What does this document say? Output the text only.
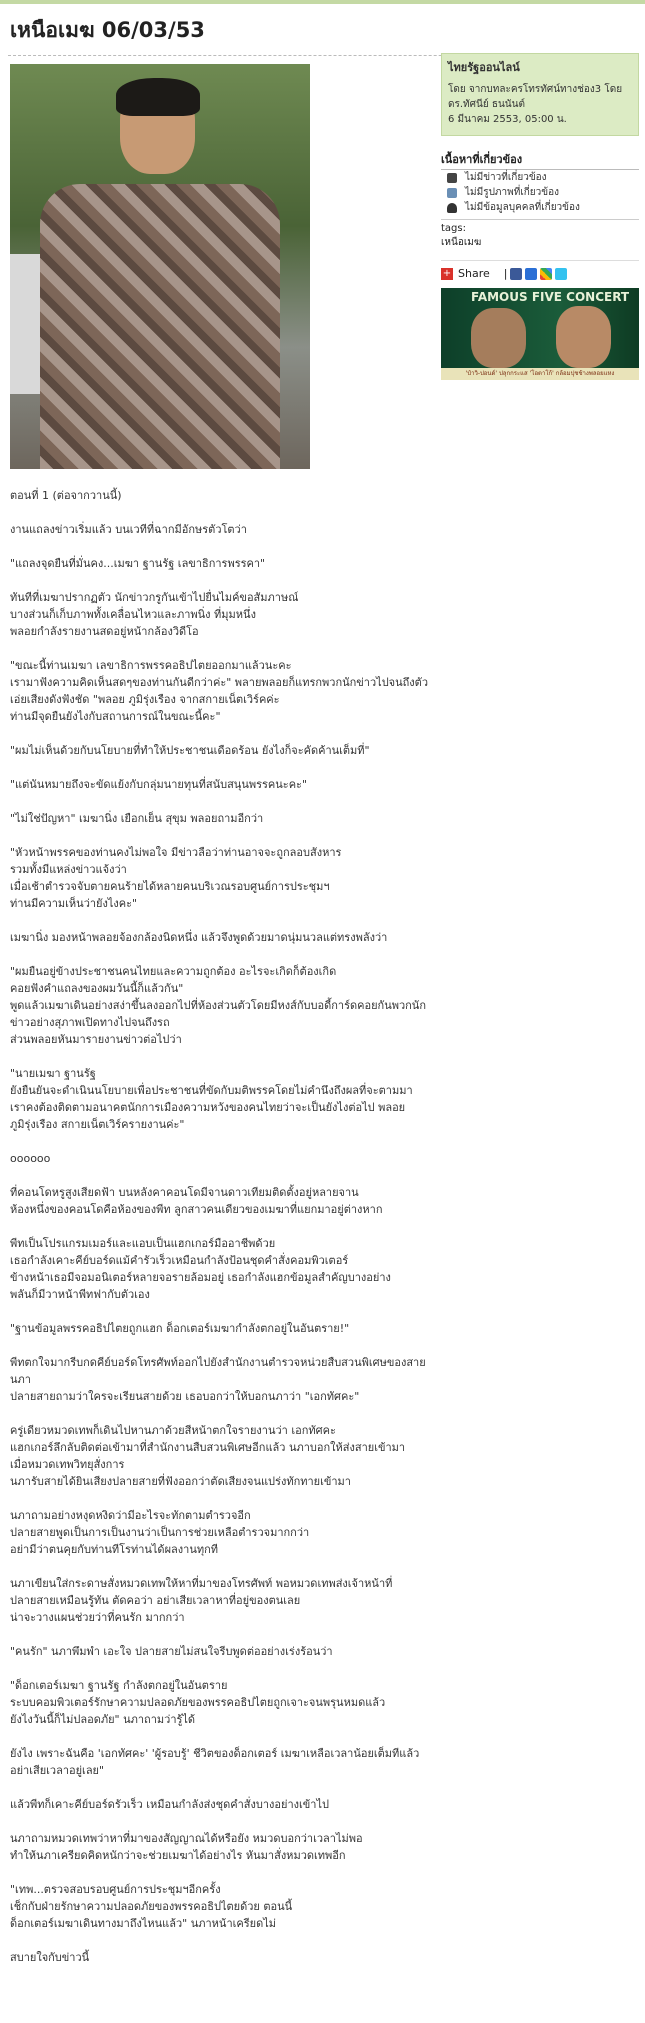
เหนือเมฆ 06/03/53

ตอนที่ 1 (ต่อจากวานนี้)

งานแถลงข่าวเริ่มแล้ว บนเวทีที่ฉากมีอักษรตัวโตว่า

"แถลงจุดยืนที่มั่นคง...เมฆา ฐานรัฐ เลขาธิการพรรคา"

ทันทีที่เมฆาปรากฏตัว นักข่าวกรูกันเข้าไปยื่นไมค์ขอสัมภาษณ์
บางส่วนก็เก็บภาพทั้งเคลื่อนไหวและภาพนิ่ง ที่มุมหนึ่ง
พลอยกำลังรายงานสดอยู่หน้ากล้องวิดีโอ

"ขณะนี้ท่านเมฆา เลขาธิการพรรคอธิปไตยออกมาแล้วนะคะ
เรามาฟังความคิดเห็นสดๆของท่านกันดีกว่าค่ะ" พลายพลอยก็แทรกพวกนักข่าวไปจนถึงตัว
เอ่ยเสียงดังฟังชัด "พลอย ภูมิรุ่งเรือง จากสกายเน็ตเวิร์คค่ะ
ท่านมีจุดยืนยังไงกับสถานการณ์ในขณะนี้คะ"

"ผมไม่เห็นด้วยกับนโยบายที่ทำให้ประชาชนเดือดร้อน ยังไงก็จะคัดค้านเต็มที่"

"แต่นันหมายถึงจะขัดแย้งกับกลุ่มนายทุนที่สนับสนุนพรรคนะคะ"

"ไม่ใช่ปัญหา" เมฆานิ่ง เยือกเย็น สุขุม พลอยถามอีกว่า

"หัวหน้าพรรคของท่านคงไม่พอใจ มีข่าวลือว่าท่านอาจจะถูกลอบสังหาร
รวมทั้งมีแหล่งข่าวแจ้งว่า
เมื่อเช้าตำรวจจับตายคนร้ายได้หลายคนบริเวณรอบศูนย์การประชุมฯ
ท่านมีความเห็นว่ายังไงคะ"

เมฆานิ่ง มองหน้าพลอยจ้องกล้องนิดหนึ่ง แล้วจึงพูดด้วยมาดนุ่มนวลแต่ทรงพลังว่า

"ผมยืนอยู่ข้างประชาชนคนไทยและความถูกต้อง อะไรจะเกิดก็ต้องเกิด
คอยฟังคำแถลงของผมวันนี้ก็แล้วกัน"
พูดแล้วเมฆาเดินอย่างสง่าขึ้นลงออกไปที่ห้องส่วนตัวโดยมีหงส์กับบอดี้การ์ดคอยกันพวกนักข่าวอย่างสุภาพเปิดทางไปจนถึงรถ
ส่วนพลอยหันมารายงานข่าวต่อไปว่า

"นายเมฆา ฐานรัฐ
ยังยืนยันจะดำเนินนโยบายเพื่อประชาชนที่ขัดกับมติพรรคโดยไม่คำนึงถึงผลที่จะตามมา
เราคงต้องติดตามอนาคตนักการเมืองความหวังของคนไทยว่าจะเป็นยังไงต่อไป พลอย
ภูมิรุ่งเรือง สกายเน็ตเวิร์ครายงานค่ะ"

oooooo

ที่คอนโดหรูสูงเสียดฟ้า บนหลังคาคอนโดมีจานดาวเทียมติดตั้งอยู่หลายจาน
ห้องหนึ่งของคอนโดคือห้องของพีท ลูกสาวคนเดียวของเมฆาที่แยกมาอยู่ต่างหาก

พีทเป็นโปรแกรมเมอร์และแอบเป็นแฮกเกอร์มืออาชีพด้วย
เธอกำลังเคาะคีย์บอร์ดแม้คำรัวเร็วเหมือนกำลังป้อนชุดคำสั่งคอมพิวเตอร์
ข้างหน้าเธอมีจอมอนิเตอร์หลายจอรายล้อมอยู่ เธอกำลังแฮกข้อมูลสำคัญบางอย่าง
พลันก็มีวาหน้าพีทฟากับตัวเอง

"ฐานข้อมูลพรรคอธิปไตยถูกแฮก ด็อกเตอร์เมฆากำลังตกอยู่ในอันตราย!"

พีทตกใจมากรีบกดคีย์บอร์ดโทรศัพท์ออกไปยังสำนักงานตำรวจหน่วยสืบสวนพิเศษของสายนภา
ปลายสายถามว่าใครจะเรียนสายด้วย เธอบอกว่าให้บอกนภาว่า "เอกทัศคะ"

ครู่เดียวหมวดเทพก็เดินไปหานภาด้วยสีหน้าตกใจรายงานว่า เอกทัศคะ
แฮกเกอร์ลึกลับติดต่อเข้ามาที่สำนักงานสืบสวนพิเศษอีกแล้ว นภาบอกให้ส่งสายเข้ามา
เมื่อหมวดเทพวิทยุสั่งการ
นภารับสายได้ยินเสียงปลายสายที่ฟังออกว่าตัดเสียงจนแปร่งทักทายเข้ามา

นภาถามอย่างหงุดหงิดว่ามีอะไรจะทักตามตำรวจอีก
ปลายสายพูดเป็นการเป็นงานว่าเป็นการช่วยเหลือตำรวจมากกว่า
อย่ามีว่าตนคุยกับท่านทีโรท่านได้ผลงานทุกที

นภาเขียนใส่กระดาษสั่งหมวดเทพให้หาที่มาของโทรศัพท์ พอหมวดเทพส่งเจ้าหน้าที่
ปลายสายเหมือนรู้ทัน ตัดคอว่า อย่าเสียเวลาหาที่อยู่ของตนเลย
น่าจะวางแผนช่วยว่าที่คนรัก มากกว่า

"คนรัก" นภาพึมพำ เอะใจ ปลายสายไม่สนใจรีบพูดต่ออย่างเร่งร้อนว่า

"ด็อกเตอร์เมฆา ฐานรัฐ กำลังตกอยู่ในอันตราย
ระบบคอมพิวเตอร์รักษาความปลอดภัยของพรรคอธิปไตยถูกเจาะจนพรุนหมดแล้ว
ยังไงวันนี้ก็ไม่ปลอดภัย" นภาถามว่ารู้ได้

ยังไง เพราะฉันคือ 'เอกทัศคะ' 'ผู้รอบรู้' ชีวิตของด็อกเตอร์ เมฆาเหลือเวลาน้อยเต็มทีแล้ว
อย่าเสียเวลาอยู่เลย"

แล้วพีทก็เคาะคีย์บอร์ดรัวเร็ว เหมือนกำลังส่งชุดคำสั่งบางอย่างเข้าไป

นภาถามหมวดเทพว่าหาที่มาของสัญญาณได้หรือยัง หมวดบอกว่าเวลาไม่พอ
ทำให้นภาเครียดคิดหนักว่าจะช่วยเมฆาได้อย่างไร หันมาสั่งหมวดเทพอีก

"เทพ...ตรวจสอบรอบศูนย์การประชุมฯอีกครั้ง
เช็กกับฝ่ายรักษาความปลอดภัยของพรรคอธิปไตยด้วย ตอนนี้
ด็อกเตอร์เมฆาเดินทางมาถึงไหนแล้ว" นภาหน้าเครียดไม่

สบายใจกับข่าวนี้

ไทยรัฐออนไลน์
โดย จากบทละครโทรทัศน์ทางช่อง3 โดย ดร.ทัศนีย์ ธนนันต์
6 มีนาคม 2553, 05:00 น.
เนื้อหาที่เกี่ยวข้อง
ไม่มีข่าวที่เกี่ยวข้อง
ไม่มีรูปภาพที่เกี่ยวข้อง
ไม่มีข้อมูลบุคคลที่เกี่ยวข้อง
tags:
เหนือเมฆ
+ Share |
FAMOUS FIVE CONCERT
'ป๋าวิ-ปอนด์' ปลุกกระแส 'โอตาโก้' กล้อมปุชช้างพลอยแหง
